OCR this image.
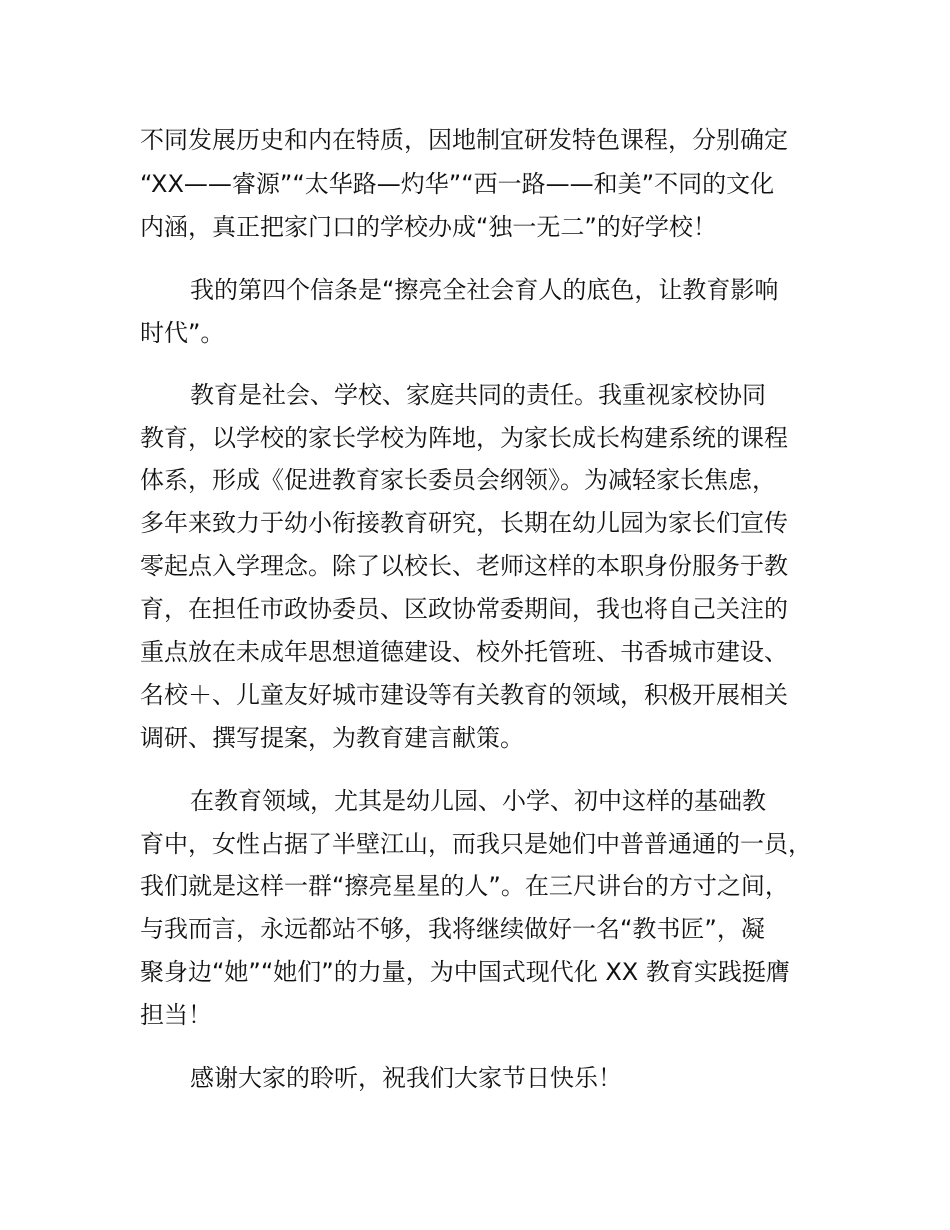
不同发展历史和内在特质，因地制宜研发特色课程，分别确定
“XX——睿源”“太华路—灼华”“西一路——和美”不同的文化
内涵，真正把家门口的学校办成“独一无二”的好学校！
我的第四个信条是“擦亮全社会育人的底色，让教育影响
时代”。
教育是社会、学校、家庭共同的责任。我重视家校协同
教育，以学校的家长学校为阵地，为家长成长构建系统的课程
体系，形成《促进教育家长委员会纲领》。为减轻家长焦虑，
多年来致力于幼小衔接教育研究，长期在幼儿园为家长们宣传
零起点入学理念。除了以校长、老师这样的本职身份服务于教
育，在担任市政协委员、区政协常委期间，我也将自己关注的
重点放在未成年思想道德建设、校外托管班、书香城市建设、
名校＋、儿童友好城市建设等有关教育的领域，积极开展相关
调研、撰写提案，为教育建言献策。
在教育领域，尤其是幼儿园、小学、初中这样的基础教
育中，女性占据了半壁江山，而我只是她们中普普通通的一员，
我们就是这样一群“擦亮星星的人”。在三尺讲台的方寸之间，
与我而言，永远都站不够，我将继续做好一名“教书匠”，凝
聚身边“她”“她们”的力量，为中国式现代化 XX 教育实践挺膺
担当！
感谢大家的聆听，祝我们大家节日快乐！
